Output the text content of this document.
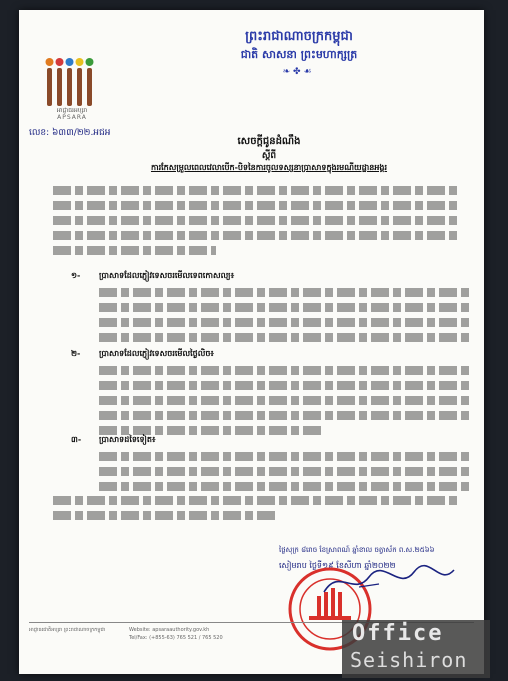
អាជ្ញាធរអប្សរា
APSARA
ព្រះរាជាណាចក្រកម្ពុជា
ជាតិ សាសនា ព្រះមហាក្សត្រ
❧ ✤ ☙
លេខ: ៦៣៣/២២.អជអ
សេចក្ដីជូនដំណឹង
ស្ដីពី
ការកែសម្រួលពេលវេលាបើក-បិទនៃការចូលទស្សនាប្រាសាទក្នុងរមណីយដ្ឋានអង្គរ
១- ប្រាសាទដែលភ្ញៀវទេសចរមើលទេពកោសល្យ៖
២- ប្រាសាទដែលភ្ញៀវទេសចរមើលថ្ងៃលិច៖
៣- ប្រាសាទដទៃទៀត៖
ថ្ងៃសុក្រ ៨រោច ខែស្រាពណ៍ ឆ្នាំខាល ចត្វាស័ក ព.ស.២៥៦៦
សៀមរាប ថ្ងៃទី១៩ ខែសីហា ឆ្នាំ២០២២
អាជ្ញាធរជាតិអប្សរា ព្រះរាជាណាចក្រកម្ពុជា	Website: apsaraauthority.gov.kh
Tel/Fax: (+855-63) 765 521 / 765 520	Office
Seishiron
